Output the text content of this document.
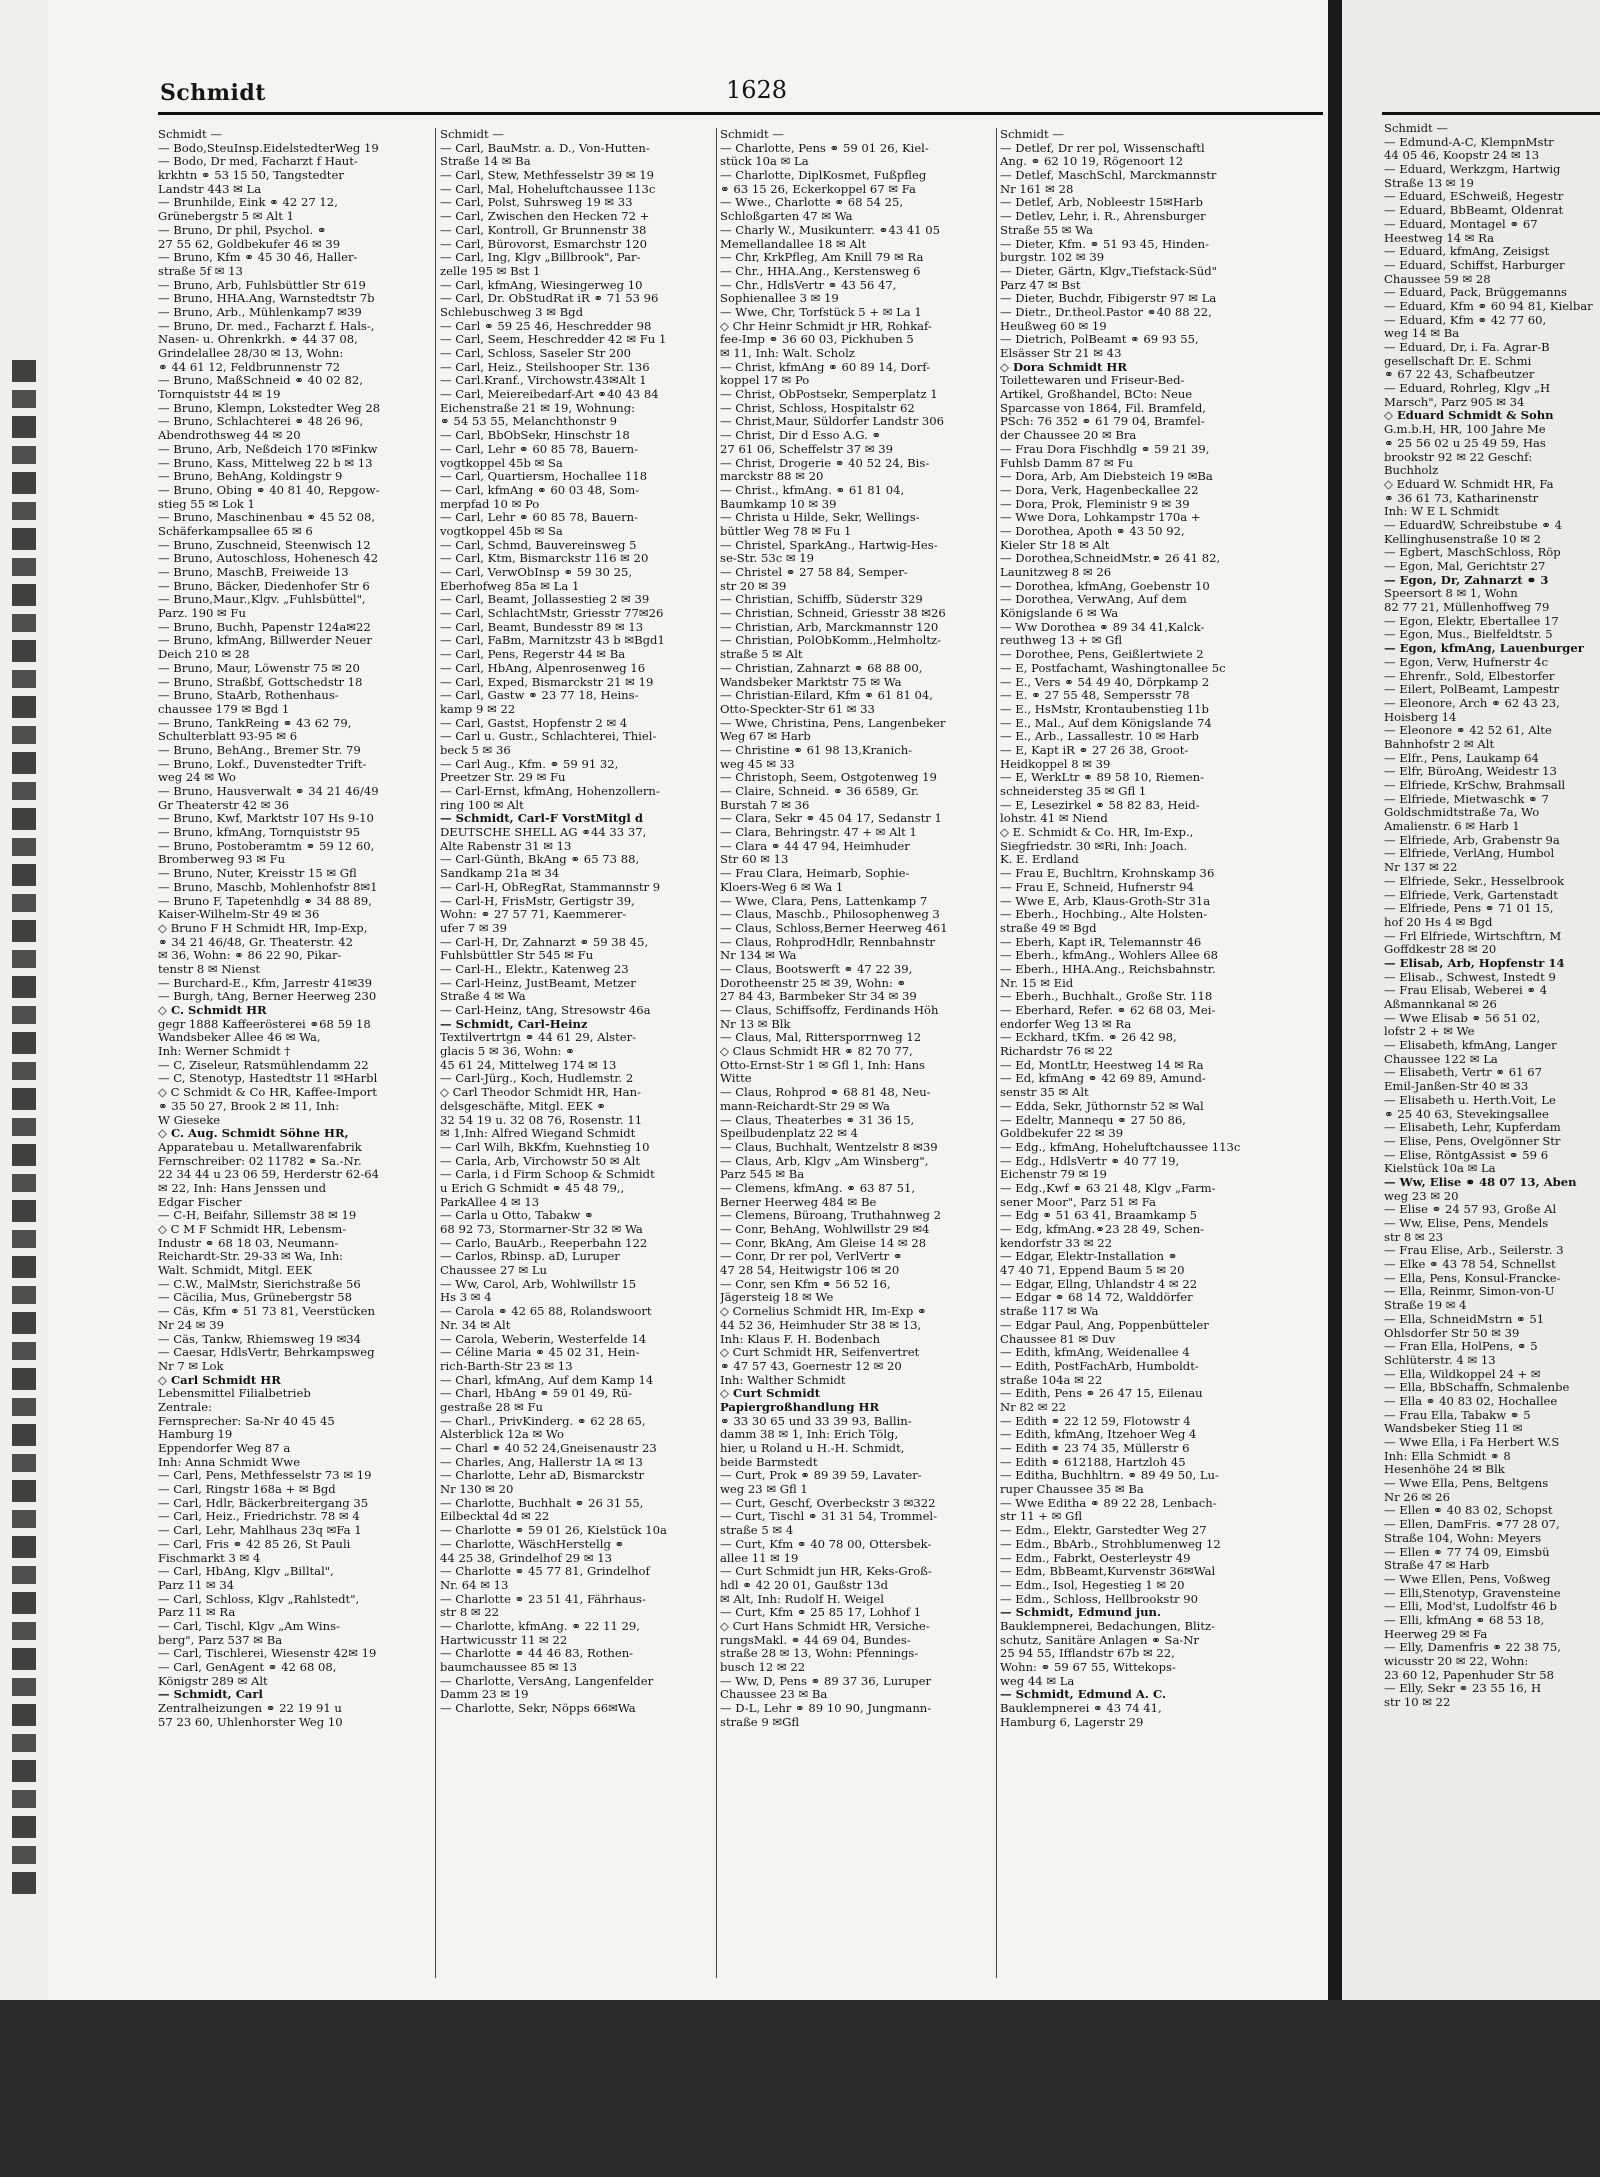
Schmidt	1628
Schmidt —
— Bodo,SteuInsp.EidelstedterWeg 19
— Bodo, Dr med, Facharzt f Haut-
krkhtn ⚭ 53 15 50, Tangstedter
Landstr 443 ✉ La
— Brunhilde, Eink ⚭ 42 27 12,
Grünebergstr 5 ✉ Alt 1
— Bruno, Dr phil, Psychol. ⚭
27 55 62, Goldbekufer 46 ✉ 39
— Bruno, Kfm ⚭ 45 30 46, Haller-
straße 5f ✉ 13
— Bruno, Arb, Fuhlsbüttler Str 619
— Bruno, HHA.Ang, Warnstedtstr 7b
— Bruno, Arb., Mühlenkamp7 ✉39
— Bruno, Dr. med., Facharzt f. Hals-,
Nasen- u. Ohrenkrkh. ⚭ 44 37 08,
Grindelallee 28/30 ✉ 13, Wohn:
⚭ 44 61 12, Feldbrunnenstr 72
— Bruno, MaßSchneid ⚭ 40 02 82,
Tornquiststr 44 ✉ 19
— Bruno, Klempn, Lokstedter Weg 28
— Bruno, Schlachterei ⚭ 48 26 96,
Abendrothsweg 44 ✉ 20
— Bruno, Arb, Neßdeich 170 ✉Finkw
— Bruno, Kass, Mittelweg 22 b ✉ 13
— Bruno, BehAng, Koldingstr 9
— Bruno, Obing ⚭ 40 81 40, Repgow-
stieg 55 ✉ Lok 1
— Bruno, Maschinenbau ⚭ 45 52 08,
Schäferkampsallee 65 ✉ 6
— Bruno, Zuschneid, Steenwisch 12
— Bruno, Autoschloss, Hohenesch 42
— Bruno, MaschB, Freiweide 13
— Bruno, Bäcker, Diedenhofer Str 6
— Bruno,Maur.,Klgv. „Fuhlsbüttel",
Parz. 190 ✉ Fu
— Bruno, Buchh, Papenstr 124a✉22
— Bruno, kfmAng, Billwerder Neuer
Deich 210 ✉ 28
— Bruno, Maur, Löwenstr 75 ✉ 20
— Bruno, Straßbf, Gottschedstr 18
— Bruno, StaArb, Rothenhaus-
chaussee 179 ✉ Bgd 1
— Bruno, TankReing ⚭ 43 62 79,
Schulterblatt 93-95 ✉ 6
— Bruno, BehAng., Bremer Str. 79
— Bruno, Lokf., Duvenstedter Trift-
weg 24 ✉ Wo
— Bruno, Hausverwalt ⚭ 34 21 46/49
Gr Theaterstr 42 ✉ 36
— Bruno, Kwf, Marktstr 107 Hs 9-10
— Bruno, kfmAng, Tornquiststr 95
— Bruno, Postoberamtm ⚭ 59 12 60,
Bromberweg 93 ✉ Fu
— Bruno, Nuter, Kreisstr 15 ✉ Gfl
— Bruno, Maschb, Mohlenhofstr 8✉1
— Bruno F, Tapetenhdlg ⚭ 34 88 89,
Kaiser-Wilhelm-Str 49 ✉ 36
◇ Bruno F H Schmidt HR, Imp-Exp,
⚭ 34 21 46/48, Gr. Theaterstr. 42
✉ 36, Wohn: ⚭ 86 22 90, Pikar-
tenstr 8 ✉ Nienst
— Burchard-E., Kfm, Jarrestr 41✉39
— Burgh, tAng, Berner Heerweg 230
◇ C. Schmidt HR
gegr 1888 Kaffeerösterei ⚭68 59 18
Wandsbeker Allee 46 ✉ Wa,
Inh: Werner Schmidt †
— C, Ziseleur, Ratsmühlendamm 22
— C, Stenotyp, Hastedtstr 11 ✉Harbl
◇ C Schmidt & Co HR, Kaffee-Import
⚭ 35 50 27, Brook 2 ✉ 11, Inh:
W Gieseke
◇ C. Aug. Schmidt Söhne HR,
Apparatebau u. Metallwarenfabrik
Fernschreiber: 02 11782 ⚭ Sa.-Nr.
22 34 44 u 23 06 59, Herderstr 62-64
✉ 22, Inh: Hans Jenssen und
Edgar Fischer
— C-H, Beifahr, Sillemstr 38 ✉ 19
◇ C M F Schmidt HR, Lebensm-
Industr ⚭ 68 18 03, Neumann-
Reichardt-Str. 29-33 ✉ Wa, Inh:
Walt. Schmidt, Mitgl. EEK
— C.W., MalMstr, Sierichstraße 56
— Cäcilia, Mus, Grünebergstr 58
— Cäs, Kfm ⚭ 51 73 81, Veerstücken
Nr 24 ✉ 39
— Cäs, Tankw, Rhiemsweg 19 ✉34
— Caesar, HdlsVertr, Behrkampsweg
Nr 7 ✉ Lok
◇ Carl Schmidt HR
Lebensmittel Filialbetrieb
Zentrale:
Fernsprecher: Sa-Nr 40 45 45
Hamburg 19
Eppendorfer Weg 87 a
Inh: Anna Schmidt Wwe
— Carl, Pens, Methfesselstr 73 ✉ 19
— Carl, Ringstr 168a + ✉ Bgd
— Carl, Hdlr, Bäckerbreitergang 35
— Carl, Heiz., Friedrichstr. 78 ✉ 4
— Carl, Lehr, Mahlhaus 23q ✉Fa 1
— Carl, Fris ⚭ 42 85 26, St Pauli
Fischmarkt 3 ✉ 4
— Carl, HbAng, Klgv „Billtal",
Parz 11 ✉ 34
— Carl, Schloss, Klgv „Rahlstedt",
Parz 11 ✉ Ra
— Carl, Tischl, Klgv „Am Wins-
berg", Parz 537 ✉ Ba
— Carl, Tischlerei, Wiesenstr 42✉ 19
— Carl, GenAgent ⚭ 42 68 08,
Königstr 289 ✉ Alt
— Schmidt, Carl
Zentralheizungen ⚭ 22 19 91 u
57 23 60, Uhlenhorster Weg 10
Schmidt —
— Carl, BauMstr. a. D., Von-Hutten-
Straße 14 ✉ Ba
— Carl, Stew, Methfesselstr 39 ✉ 19
— Carl, Mal, Hoheluftchaussee 113c
— Carl, Polst, Suhrsweg 19 ✉ 33
— Carl, Zwischen den Hecken 72 +
— Carl, Kontroll, Gr Brunnenstr 38
— Carl, Bürovorst, Esmarchstr 120
— Carl, Ing, Klgv „Billbrook", Par-
zelle 195 ✉ Bst 1
— Carl, kfmAng, Wiesingerweg 10
— Carl, Dr. ObStudRat iR ⚭ 71 53 96
Schlebuschweg 3 ✉ Bgd
— Carl ⚭ 59 25 46, Heschredder 98
— Carl, Seem, Heschredder 42 ✉ Fu 1
— Carl, Schloss, Saseler Str 200
— Carl, Heiz., Steilshooper Str. 136
— Carl.Kranf., Virchowstr.43✉Alt 1
— Carl, Meiereibedarf-Art ⚭40 43 84
Eichenstraße 21 ✉ 19, Wohnung:
⚭ 54 53 55, Melanchthonstr 9
— Carl, BbObSekr, Hinschstr 18
— Carl, Lehr ⚭ 60 85 78, Bauern-
vogtkoppel 45b ✉ Sa
— Carl, Quartiersm, Hochallee 118
— Carl, kfmAng ⚭ 60 03 48, Som-
merpfad 10 ✉ Po
— Carl, Lehr ⚭ 60 85 78, Bauern-
vogtkoppel 45b ✉ Sa
— Carl, Schmd, Bauvereinsweg 5
— Carl, Ktm, Bismarckstr 116 ✉ 20
— Carl, VerwObInsp ⚭ 59 30 25,
Eberhofweg 85a ✉ La 1
— Carl, Beamt, Jollassestieg 2 ✉ 39
— Carl, SchlachtMstr, Griesstr 77✉26
— Carl, Beamt, Bundesstr 89 ✉ 13
— Carl, FaBm, Marnitzstr 43 b ✉Bgd1
— Carl, Pens, Regerstr 44 ✉ Ba
— Carl, HbAng, Alpenrosenweg 16
— Carl, Exped, Bismarckstr 21 ✉ 19
— Carl, Gastw ⚭ 23 77 18, Heins-
kamp 9 ✉ 22
— Carl, Gastst, Hopfenstr 2 ✉ 4
— Carl u. Gustr., Schlachterei, Thiel-
beck 5 ✉ 36
— Carl Aug., Kfm. ⚭ 59 91 32,
Preetzer Str. 29 ✉ Fu
— Carl-Ernst, kfmAng, Hohenzollern-
ring 100 ✉ Alt
— Schmidt, Carl-F VorstMitgl d
DEUTSCHE SHELL AG ⚭44 33 37,
Alte Rabenstr 31 ✉ 13
— Carl-Günth, BkAng ⚭ 65 73 88,
Sandkamp 21a ✉ 34
— Carl-H, ObRegRat, Stammannstr 9
— Carl-H, FrisMstr, Gertigstr 39,
Wohn: ⚭ 27 57 71, Kaemmerer-
ufer 7 ✉ 39
— Carl-H, Dr, Zahnarzt ⚭ 59 38 45,
Fuhlsbüttler Str 545 ✉ Fu
— Carl-H., Elektr., Katenweg 23
— Carl-Heinz, JustBeamt, Metzer
Straße 4 ✉ Wa
— Carl-Heinz, tAng, Stresowstr 46a
— Schmidt, Carl-Heinz
Textilvertrtgn ⚭ 44 61 29, Alster-
glacis 5 ✉ 36, Wohn: ⚭
45 61 24, Mittelweg 174 ✉ 13
— Carl-Jürg., Koch, Hudlemstr. 2
◇ Carl Theodor Schmidt HR, Han-
delsgeschäfte, Mitgl. EEK ⚭
32 54 19 u. 32 08 76, Rosenstr. 11
✉ 1,Inh: Alfred Wiegand Schmidt
— Carl Wilh, BkKfm, Kuehnstieg 10
— Carla, Arb, Virchowstr 50 ✉ Alt
— Carla, i d Firm Schoop & Schmidt
u Erich G Schmidt ⚭ 45 48 79,,
ParkAllee 4 ✉ 13
— Carla u Otto, Tabakw ⚭
68 92 73, Stormarner-Str 32 ✉ Wa
— Carlo, BauArb., Reeperbahn 122
— Carlos, Rbinsp. aD, Luruper
Chaussee 27 ✉ Lu
— Ww, Carol, Arb, Wohlwillstr 15
Hs 3 ✉ 4
— Carola ⚭ 42 65 88, Rolandswoort
Nr. 34 ✉ Alt
— Carola, Weberin, Westerfelde 14
— Céline Maria ⚭ 45 02 31, Hein-
rich-Barth-Str 23 ✉ 13
— Charl, kfmAng, Auf dem Kamp 14
— Charl, HbAng ⚭ 59 01 49, Rü-
gestraße 28 ✉ Fu
— Charl., PrivKinderg. ⚭ 62 28 65,
Alsterblick 12a ✉ Wo
— Charl ⚭ 40 52 24,Gneisenaustr 23
— Charles, Ang, Hallerstr 1A ✉ 13
— Charlotte, Lehr aD, Bismarckstr
Nr 130 ✉ 20
— Charlotte, Buchhalt ⚭ 26 31 55,
Eilbecktal 4d ✉ 22
— Charlotte ⚭ 59 01 26, Kielstück 10a
— Charlotte, WäschHerstellg ⚭
44 25 38, Grindelhof 29 ✉ 13
— Charlotte ⚭ 45 77 81, Grindelhof
Nr. 64 ✉ 13
— Charlotte ⚭ 23 51 41, Fährhaus-
str 8 ✉ 22
— Charlotte, kfmAng. ⚭ 22 11 29,
Hartwicusstr 11 ✉ 22
— Charlotte ⚭ 44 46 83, Rothen-
baumchaussee 85 ✉ 13
— Charlotte, VersAng, Langenfelder
Damm 23 ✉ 19
— Charlotte, Sekr, Nöpps 66✉Wa
Schmidt —
— Charlotte, Pens ⚭ 59 01 26, Kiel-
stück 10a ✉ La
— Charlotte, DiplKosmet, Fußpfleg
⚭ 63 15 26, Eckerkoppel 67 ✉ Fa
— Wwe., Charlotte ⚭ 68 54 25,
Schloßgarten 47 ✉ Wa
— Charly W., Musikunterr. ⚭43 41 05
Memellandallee 18 ✉ Alt
— Chr, KrkPfleg, Am Knill 79 ✉ Ra
— Chr., HHA.Ang., Kerstensweg 6
— Chr., HdlsVertr ⚭ 43 56 47,
Sophienallee 3 ✉ 19
— Wwe, Chr, Torfstück 5 + ✉ La 1
◇ Chr Heinr Schmidt jr HR, Rohkaf-
fee-Imp ⚭ 36 60 03, Pickhuben 5
✉ 11, Inh: Walt. Scholz
— Christ, kfmAng ⚭ 60 89 14, Dorf-
koppel 17 ✉ Po
— Christ, ObPostsekr, Semperplatz 1
— Christ, Schloss, Hospitalstr 62
— Christ,Maur, Süldorfer Landstr 306
— Christ, Dir d Esso A.G. ⚭
27 61 06, Scheffelstr 37 ✉ 39
— Christ, Drogerie ⚭ 40 52 24, Bis-
marckstr 88 ✉ 20
— Christ., kfmAng. ⚭ 61 81 04,
Baumkamp 10 ✉ 39
— Christa u Hilde, Sekr, Wellings-
büttler Weg 78 ✉ Fu 1
— Christel, SparkAng., Hartwig-Hes-
se-Str. 53c ✉ 19
— Christel ⚭ 27 58 84, Semper-
str 20 ✉ 39
— Christian, Schiffb, Süderstr 329
— Christian, Schneid, Griesstr 38 ✉26
— Christian, Arb, Marckmannstr 120
— Christian, PolObKomm.,Helmholtz-
straße 5 ✉ Alt
— Christian, Zahnarzt ⚭ 68 88 00,
Wandsbeker Marktstr 75 ✉ Wa
— Christian-Eilard, Kfm ⚭ 61 81 04,
Otto-Speckter-Str 61 ✉ 33
— Wwe, Christina, Pens, Langenbeker
Weg 67 ✉ Harb
— Christine ⚭ 61 98 13,Kranich-
weg 45 ✉ 33
— Christoph, Seem, Ostgotenweg 19
— Claire, Schneid. ⚭ 36 6589, Gr.
Burstah 7 ✉ 36
— Clara, Sekr ⚭ 45 04 17, Sedanstr 1
— Clara, Behringstr. 47 + ✉ Alt 1
— Clara ⚭ 44 47 94, Heimhuder
Str 60 ✉ 13
— Frau Clara, Heimarb, Sophie-
Kloers-Weg 6 ✉ Wa 1
— Wwe, Clara, Pens, Lattenkamp 7
— Claus, Maschb., Philosophenweg 3
— Claus, Schloss,Berner Heerweg 461
— Claus, RohprodHdlr, Rennbahnstr
Nr 134 ✉ Wa
— Claus, Bootswerft ⚭ 47 22 39,
Dorotheenstr 25 ✉ 39, Wohn: ⚭
27 84 43, Barmbeker Str 34 ✉ 39
— Claus, Schiffsoffz, Ferdinands Höh
Nr 13 ✉ Blk
— Claus, Mal, Rittersporrnweg 12
◇ Claus Schmidt HR ⚭ 82 70 77,
Otto-Ernst-Str 1 ✉ Gfl 1, Inh: Hans
Witte
— Claus, Rohprod ⚭ 68 81 48, Neu-
mann-Reichardt-Str 29 ✉ Wa
— Claus, Theaterbes ⚭ 31 36 15,
Speilbudenplatz 22 ✉ 4
— Claus, Buchhalt, Wentzelstr 8 ✉39
— Claus, Arb, Klgv „Am Winsberg",
Parz 545 ✉ Ba
— Clemens, kfmAng. ⚭ 63 87 51,
Berner Heerweg 484 ✉ Be
— Clemens, Büroang, Truthahnweg 2
— Conr, BehAng, Wohlwillstr 29 ✉4
— Conr, BkAng, Am Gleise 14 ✉ 28
— Conr, Dr rer pol, VerlVertr ⚭
47 28 54, Heitwigstr 106 ✉ 20
— Conr, sen Kfm ⚭ 56 52 16,
Jägersteig 18 ✉ We
◇ Cornelius Schmidt HR, Im-Exp ⚭
44 52 36, Heimhuder Str 38 ✉ 13,
Inh: Klaus F. H. Bodenbach
◇ Curt Schmidt HR, Seifenvertret
⚭ 47 57 43, Goernestr 12 ✉ 20
Inh: Walther Schmidt
◇ Curt Schmidt
Papiergroßhandlung HR
⚭ 33 30 65 und 33 39 93, Ballin-
damm 38 ✉ 1, Inh: Erich Tölg,
hier, u Roland u H.-H. Schmidt,
beide Barmstedt
— Curt, Prok ⚭ 89 39 59, Lavater-
weg 23 ✉ Gfl 1
— Curt, Geschf, Overbeckstr 3 ✉322
— Curt, Tischl ⚭ 31 31 54, Trommel-
straße 5 ✉ 4
— Curt, Kfm ⚭ 40 78 00, Ottersbek-
allee 11 ✉ 19
— Curt Schmidt jun HR, Keks-Groß-
hdl ⚭ 42 20 01, Gaußstr 13d
✉ Alt, Inh: Rudolf H. Weigel
— Curt, Kfm ⚭ 25 85 17, Lohhof 1
◇ Curt Hans Schmidt HR, Versiche-
rungsMakl. ⚭ 44 69 04, Bundes-
straße 28 ✉ 13, Wohn: Pfennings-
busch 12 ✉ 22
— Ww, D, Pens ⚭ 89 37 36, Luruper
Chaussee 23 ✉ Ba
— D-L, Lehr ⚭ 89 10 90, Jungmann-
straße 9 ✉Gfl
Schmidt —
— Detlef, Dr rer pol, Wissenschaftl
Ang. ⚭ 62 10 19, Rögenoort 12
— Detlef, MaschSchl, Marckmannstr
Nr 161 ✉ 28
— Detlef, Arb, Nobleestr 15✉Harb
— Detlev, Lehr, i. R., Ahrensburger
Straße 55 ✉ Wa
— Dieter, Kfm. ⚭ 51 93 45, Hinden-
burgstr. 102 ✉ 39
— Dieter, Gärtn, Klgv„Tiefstack-Süd"
Parz 47 ✉ Bst
— Dieter, Buchdr, Fibigerstr 97 ✉ La
— Dietr., Dr.theol.Pastor ⚭40 88 22,
Heußweg 60 ✉ 19
— Dietrich, PolBeamt ⚭ 69 93 55,
Elsässer Str 21 ✉ 43
◇ Dora Schmidt HR
Toilettewaren und Friseur-Bed-
Artikel, Großhandel, BCto: Neue
Sparcasse von 1864, Fil. Bramfeld,
PSch: 76 352 ⚭ 61 79 04, Bramfel-
der Chaussee 20 ✉ Bra
— Frau Dora Fischhdlg ⚭ 59 21 39,
Fuhlsb Damm 87 ✉ Fu
— Dora, Arb, Am Diebsteich 19 ✉Ba
— Dora, Verk, Hagenbeckallee 22
— Dora, Prok, Fleministr 9 ✉ 39
— Wwe Dora, Lohkampstr 170a +
— Dorothea, Apoth ⚭ 43 50 92,
Kieler Str 18 ✉ Alt
— Dorothea,SchneidMstr.⚭ 26 41 82,
Launitzweg 8 ✉ 26
— Dorothea, kfmAng, Goebenstr 10
— Dorothea, VerwAng, Auf dem
Königslande 6 ✉ Wa
— Ww Dorothea ⚭ 89 34 41,Kalck-
reuthweg 13 + ✉ Gfl
— Dorothee, Pens, Geißlertwiete 2
— E, Postfachamt, Washingtonallee 5c
— E., Vers ⚭ 54 49 40, Dörpkamp 2
— E. ⚭ 27 55 48, Sempersstr 78
— E., HsMstr, Krontaubenstieg 11b
— E., Mal., Auf dem Königslande 74
— E., Arb., Lassallestr. 10 ✉ Harb
— E, Kapt iR ⚭ 27 26 38, Groot-
Heidkoppel 8 ✉ 39
— E, WerkLtr ⚭ 89 58 10, Riemen-
schneidersteg 35 ✉ Gfl 1
— E, Lesezirkel ⚭ 58 82 83, Heid-
lohstr. 41 ✉ Niend
◇ E. Schmidt & Co. HR, Im-Exp.,
Siegfriedstr. 30 ✉Ri, Inh: Joach.
K. E. Erdland
— Frau E, Buchltrn, Krohnskamp 36
— Frau E, Schneid, Hufnerstr 94
— Wwe E, Arb, Klaus-Groth-Str 31a
— Eberh., Hochbing., Alte Holsten-
straße 49 ✉ Bgd
— Eberh, Kapt iR, Telemannstr 46
— Eberh., kfmAng., Wohlers Allee 68
— Eberh., HHA.Ang., Reichsbahnstr.
Nr. 15 ✉ Eid
— Eberh., Buchhalt., Große Str. 118
— Eberhard, Refer. ⚭ 62 68 03, Mei-
endorfer Weg 13 ✉ Ra
— Eckhard, tKfm. ⚭ 26 42 98,
Richardstr 76 ✉ 22
— Ed, MontLtr, Heestweg 14 ✉ Ra
— Ed, kfmAng ⚭ 42 69 89, Amund-
senstr 35 ✉ Alt
— Edda, Sekr, Jüthornstr 52 ✉ Wal
— Edeltr, Mannequ ⚭ 27 50 86,
Goldbekufer 22 ✉ 39
— Edg., kfmAng, Hoheluftchaussee 113c
— Edg., HdlsVertr ⚭ 40 77 19,
Eichenstr 79 ✉ 19
— Edg.,Kwf ⚭ 63 21 48, Klgv „Farm-
sener Moor", Parz 51 ✉ Fa
— Edg ⚭ 51 63 41, Braamkamp 5
— Edg, kfmAng.⚭23 28 49, Schen-
kendorfstr 33 ✉ 22
— Edgar, Elektr-Installation ⚭
47 40 71, Eppend Baum 5 ✉ 20
— Edgar, Ellng, Uhlandstr 4 ✉ 22
— Edgar ⚭ 68 14 72, Walddörfer
straße 117 ✉ Wa
— Edgar Paul, Ang, Poppenbütteler
Chaussee 81 ✉ Duv
— Edith, kfmAng, Weidenallee 4
— Edith, PostFachArb, Humboldt-
straße 104a ✉ 22
— Edith, Pens ⚭ 26 47 15, Eilenau
Nr 82 ✉ 22
— Edith ⚭ 22 12 59, Flotowstr 4
— Edith, kfmAng, Itzehoer Weg 4
— Edith ⚭ 23 74 35, Müllerstr 6
— Edith ⚭ 612188, Hartzloh 45
— Editha, Buchhltrn. ⚭ 89 49 50, Lu-
ruper Chaussee 35 ✉ Ba
— Wwe Editha ⚭ 89 22 28, Lenbach-
str 11 + ✉ Gfl
— Edm., Elektr, Garstedter Weg 27
— Edm., BbArb., Strohblumenweg 12
— Edm., Fabrkt, Oesterleystr 49
— Edm, BbBeamt,Kurvenstr 36✉Wal
— Edm., Isol, Hegestieg 1 ✉ 20
— Edm., Schloss, Hellbrookstr 90
— Schmidt, Edmund jun.
Bauklempnerei, Bedachungen, Blitz-
schutz, Sanitäre Anlagen ⚭ Sa-Nr
25 94 55, Ifflandstr 67b ✉ 22,
Wohn: ⚭ 59 67 55, Wittekops-
weg 44 ✉ La
— Schmidt, Edmund A. C.
Bauklempnerei ⚭ 43 74 41,
Hamburg 6, Lagerstr 29
Schmidt —
— Edmund-A-C, KlempnMstr
44 05 46, Koopstr 24 ✉ 13
— Eduard, Werkzgm, Hartwig
Straße 13 ✉ 19
— Eduard, ESchweiß, Hegestr
— Eduard, BbBeamt, Oldenrat
— Eduard, Montagel ⚭ 67
Heestweg 14 ✉ Ra
— Eduard, kfmAng, Zeisigst
— Eduard, Schiffst, Harburger
Chaussee 59 ✉ 28
— Eduard, Pack, Brüggemanns
— Eduard, Kfm ⚭ 60 94 81, Kielbar
— Eduard, Kfm ⚭ 42 77 60,
weg 14 ✉ Ba
— Eduard, Dr, i. Fa. Agrar-B
gesellschaft Dr. E. Schmi
⚭ 67 22 43, Schafbeutzer
— Eduard, Rohrleg, Klgv „H
Marsch", Parz 905 ✉ 34
◇ Eduard Schmidt & Sohn
G.m.b.H, HR, 100 Jahre Me
⚭ 25 56 02 u 25 49 59, Has
brookstr 92 ✉ 22 Geschf:
Buchholz
◇ Eduard W. Schmidt HR, Fa
⚭ 36 61 73, Katharinenstr
Inh: W E L Schmidt
— EduardW, Schreibstube ⚭ 4
Kellinghusenstraße 10 ✉ 2
— Egbert, MaschSchloss, Röp
— Egon, Mal, Gerichtstr 27
— Egon, Dr, Zahnarzt ⚭ 3
Speersort 8 ✉ 1, Wohn
82 77 21, Müllenhoffweg 79
— Egon, Elektr, Ebertallee 17
— Egon, Mus., Bielfeldtstr. 5
— Egon, kfmAng, Lauenburger
— Egon, Verw, Hufnerstr 4c
— Ehrenfr., Sold, Elbestorfer
— Eilert, PolBeamt, Lampestr
— Eleonore, Arch ⚭ 62 43 23,
Hoisberg 14
— Eleonore ⚭ 42 52 61, Alte
Bahnhofstr 2 ✉ Alt
— Elfr., Pens, Laukamp 64
— Elfr, BüroAng, Weidestr 13
— Elfriede, KrSchw, Brahmsall
— Elfriede, Mietwaschk ⚭ 7
Goldschmidtstraße 7a, Wo
Amalienstr. 6 ✉ Harb 1
— Elfriede, Arb, Grabenstr 9a
— Elfriede, VerlAng, Humbol
Nr 137 ✉ 22
— Elfriede, Sekr., Hesselbrook
— Elfriede, Verk, Gartenstadt
— Elfriede, Pens ⚭ 71 01 15,
hof 20 Hs 4 ✉ Bgd
— Frl Elfriede, Wirtschftrn, M
Goffdkestr 28 ✉ 20
— Elisab, Arb, Hopfenstr 14
— Elisab., Schwest, Instedt 9
— Frau Elisab, Weberei ⚭ 4
Aßmannkanal ✉ 26
— Wwe Elisab ⚭ 56 51 02,
lofstr 2 + ✉ We
— Elisabeth, kfmAng, Langer
Chaussee 122 ✉ La
— Elisabeth, Vertr ⚭ 61 67
Emil-Janßen-Str 40 ✉ 33
— Elisabeth u. Herth.Voit, Le
⚭ 25 40 63, Stevekingsallee
— Elisabeth, Lehr, Kupferdam
— Elise, Pens, Ovelgönner Str
— Elise, RöntgAssist ⚭ 59 6
Kielstück 10a ✉ La
— Ww, Elise ⚭ 48 07 13, Aben
weg 23 ✉ 20
— Elise ⚭ 24 57 93, Große Al
— Ww, Elise, Pens, Mendels
str 8 ✉ 23
— Frau Elise, Arb., Seilerstr. 3
— Elke ⚭ 43 78 54, Schnellst
— Ella, Pens, Konsul-Francke-
— Ella, Reinmr, Simon-von-U
Straße 19 ✉ 4
— Ella, SchneidMstrn ⚭ 51
Ohlsdorfer Str 50 ✉ 39
— Fran Ella, HolPens, ⚭ 5
Schlüterstr. 4 ✉ 13
— Ella, Wildkoppel 24 + ✉
— Ella, BbSchaffn, Schmalenbe
— Ella ⚭ 40 83 02, Hochallee
— Frau Ella, Tabakw ⚭ 5
Wandsbeker Stieg 11 ✉
— Wwe Ella, i Fa Herbert W.S
Inh: Ella Schmidt ⚭ 8
Hesenhöhe 24 ✉ Blk
— Wwe Ella, Pens, Beltgens
Nr 26 ✉ 26
— Ellen ⚭ 40 83 02, Schopst
— Ellen, DamFris. ⚭77 28 07,
Straße 104, Wohn: Meyers
— Ellen ⚭ 77 74 09, Eimsbü
Straße 47 ✉ Harb
— Wwe Ellen, Pens, Voßweg
— Elli,Stenotyp, Gravensteine
— Elli, Mod'st, Ludolfstr 46 b
— Elli, kfmAng ⚭ 68 53 18,
Heerweg 29 ✉ Fa
— Elly, Damenfris ⚭ 22 38 75,
wicusstr 20 ✉ 22, Wohn:
23 60 12, Papenhuder Str 58
— Elly, Sekr ⚭ 23 55 16, H
str 10 ✉ 22
